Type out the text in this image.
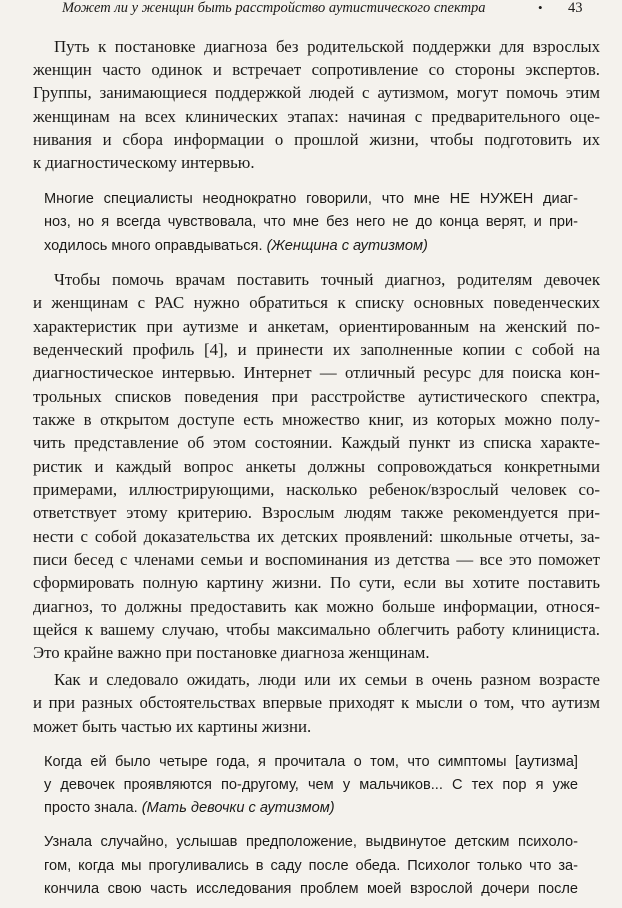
Может ли у женщин быть расстройство аутистического спектра	• 43

Путь к постановке диагноза без родительской поддержки для взрослых

женщин часто одинок и встречает сопротивление со стороны экспертов.

Группы, занимающиеся поддержкой людей с аутизмом, могут помочь этим

женщинам на всех клинических этапах: начиная с предварительного оце-

нивания и сбора информации о прошлой жизни, чтобы подготовить их

к диагностическому интервью.

Многие специалисты неоднократно говорили, что мне НЕ НУЖЕН диаг-

ноз, но я всегда чувствовала, что мне без него не до конца верят, и при-

ходилось много оправдываться. (Женщина с аутизмом)

Чтобы помочь врачам поставить точный диагноз, родителям девочек

и женщинам с РАС нужно обратиться к списку основных поведенческих

характеристик при аутизме и анкетам, ориентированным на женский по-

веденческий профиль [4], и принести их заполненные копии с собой на

диагностическое интервью. Интернет — отличный ресурс для поиска кон-

трольных списков поведения при расстройстве аутистического спектра,

также в открытом доступе есть множество книг, из которых можно полу-

чить представление об этом состоянии. Каждый пункт из списка характе-

ристик и каждый вопрос анкеты должны сопровождаться конкретными

примерами, иллюстрирующими, насколько ребенок/взрослый человек со-

ответствует этому критерию. Взрослым людям также рекомендуется при-

нести с собой доказательства их детских проявлений: школьные отчеты, за-

писи бесед с членами семьи и воспоминания из детства — все это поможет

сформировать полную картину жизни. По сути, если вы хотите поставить

диагноз, то должны предоставить как можно больше информации, относя-

щейся к вашему случаю, чтобы максимально облегчить работу клинициста.

Это крайне важно при постановке диагноза женщинам.

Как и следовало ожидать, люди или их семьи в очень разном возрасте

и при разных обстоятельствах впервые приходят к мысли о том, что аутизм

может быть частью их картины жизни.

Когда ей было четыре года, я прочитала о том, что симптомы [аутизма]

у девочек проявляются по-другому, чем у мальчиков... С тех пор я уже

просто знала. (Мать девочки с аутизмом)

Узнала случайно, услышав предположение, выдвинутое детским психоло-

гом, когда мы прогуливались в саду после обеда. Психолог только что за-

кончила свою часть исследования проблем моей взрослой дочери после
